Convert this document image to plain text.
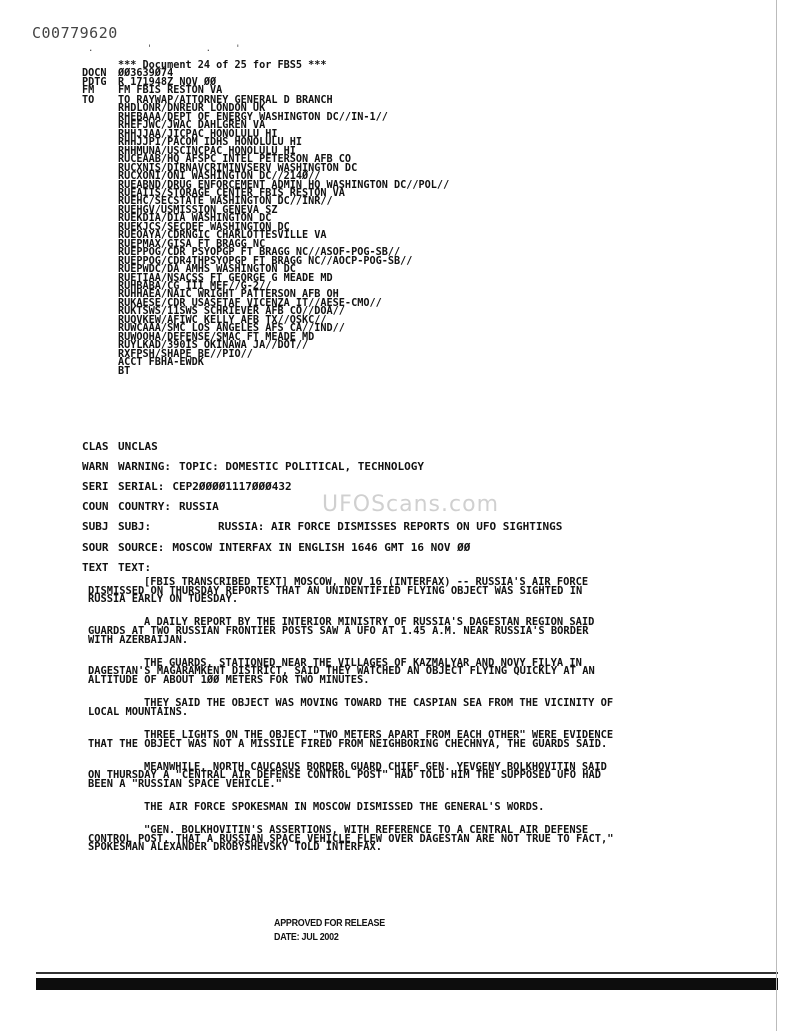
C00779620
. ' .'
*** Document 24 of 25 for FBS5 ***
DOCN	ØØ3639Ø74
PDTG	R 171948Z NOV ØØ
FM	FM FBIS RESTON VA
TO	TO RAYWAP/ATTORNEY GENERAL D BRANCH
RHDLONR/DNREUR LONDON UK
RHEBAAA/DEPT OF ENERGY WASHINGTON DC//IN-1//
RHEFJWC/JWAC DAHLGREN VA
RHHJJAA/JICPAC HONOLULU HI
RHHJJPI/PACOM IDHS HONOLULU HI
RHHMUNA/USCINCPAC HONOLULU HI
RUCEAAB/HQ AFSPC INTEL PETERSON AFB CO
RUCXNIS/DIRNAVCRIMINVSERV WASHINGTON DC
RUCXONI/ONI WASHINGTON DC//214Ø//
RUEABND/DRUG ENFORCEMENT ADMIN HQ WASHINGTON DC//POL//
RUEAIIS/STORAGE CENTER FBIS RESTON VA
RUEHC/SECSTATE WASHINGTON DC//INR//
RUEHGV/USMISSION GENEVA SZ
RUEKDIA/DIA WASHINGTON DC
RUEKJCS/SECDEF WASHINGTON DC
RUEOAYA/CDRNGIC CHARLOTTESVILLE VA
RUEPMAX/GISA FT BRAGG NC
RUEPPOG/CDR PSYOPGP FT BRAGG NC//ASOF-POG-SB//
RUEPPOG/CDR4THPSYOPGP FT BRAGG NC//AOCP-POG-SB//
RUEPWDC/DA AMHS WASHINGTON DC
RUETIAA/NSACSS FT GEORGE G MEADE MD
RUHBABA/CG III MEF//G-2//
RUHHAEA/NAIC WRIGHT PATTERSON AFB OH
RUKAESE/CDR USASETAF VICENZA IT//AESE-CMO//
RUKTSWS/11SWS SCHRIEVER AFB CO//DOA//
RUQVKEW/AFIWC KELLY AFB TX//OSKC//
RUWCAAA/SMC LOS ANGELES AFS CA//IND//
RUWOOHA/DEFENSE/SMAC FT MEADE MD
RUYLKAD/390IS OKINAWA JA//DOT//
RXFPSH/SHAPE BE//PIO//
ACCT FBHA-EWDK
BT
CLAS UNCLAS
WARN WARNING: TOPIC: DOMESTIC POLITICAL, TECHNOLOGY
SERI SERIAL: CEP2ØØØØ1117ØØØ432
COUN COUNTRY: RUSSIA
SUBJ SUBJ:	RUSSIA: AIR FORCE DISMISSES REPORTS ON UFO SIGHTINGS
SOUR SOURCE: MOSCOW INTERFAX IN ENGLISH 1646 GMT 16 NOV ØØ
TEXT TEXT:

[FBIS TRANSCRIBED TEXT] MOSCOW, NOV 16 (INTERFAX) -- RUSSIA'S AIR FORCE DISMISSED ON THURSDAY REPORTS THAT AN UNIDENTIFIED FLYING OBJECT WAS SIGHTED IN RUSSIA EARLY ON TUESDAY.

A DAILY REPORT BY THE INTERIOR MINISTRY OF RUSSIA'S DAGESTAN REGION SAID GUARDS AT TWO RUSSIAN FRONTIER POSTS SAW A UFO AT 1.45 A.M. NEAR RUSSIA'S BORDER WITH AZERBAIJAN.

THE GUARDS, STATIONED NEAR THE VILLAGES OF KAZMALYAR AND NOVY FILYA IN DAGESTAN'S MAGARAMKENT DISTRICT, SAID THEY WATCHED AN OBJECT FLYING QUICKLY AT AN ALTITUDE OF ABOUT 1ØØ METERS FOR TWO MINUTES.

THEY SAID THE OBJECT WAS MOVING TOWARD THE CASPIAN SEA FROM THE VICINITY OF LOCAL MOUNTAINS.

THREE LIGHTS ON THE OBJECT "TWO METERS APART FROM EACH OTHER" WERE EVIDENCE THAT THE OBJECT WAS NOT A MISSILE FIRED FROM NEIGHBORING CHECHNYA, THE GUARDS SAID.

MEANWHILE, NORTH CAUCASUS BORDER GUARD CHIEF GEN. YEVGENY BOLKHOVITIN SAID ON THURSDAY A "CENTRAL AIR DEFENSE CONTROL POST" HAD TOLD HIM THE SUPPOSED UFO HAD BEEN A "RUSSIAN SPACE VEHICLE."

THE AIR FORCE SPOKESMAN IN MOSCOW DISMISSED THE GENERAL'S WORDS.

"GEN. BOLKHOVITIN'S ASSERTIONS, WITH REFERENCE TO A CENTRAL AIR DEFENSE CONTROL POST, THAT A RUSSIAN SPACE VEHICLE FLEW OVER DAGESTAN ARE NOT TRUE TO FACT," SPOKESMAN ALEXANDER DROBYSHEVSKY TOLD INTERFAX.

UFOScans.com
APPROVED FOR RELEASE
DATE: JUL 2002
